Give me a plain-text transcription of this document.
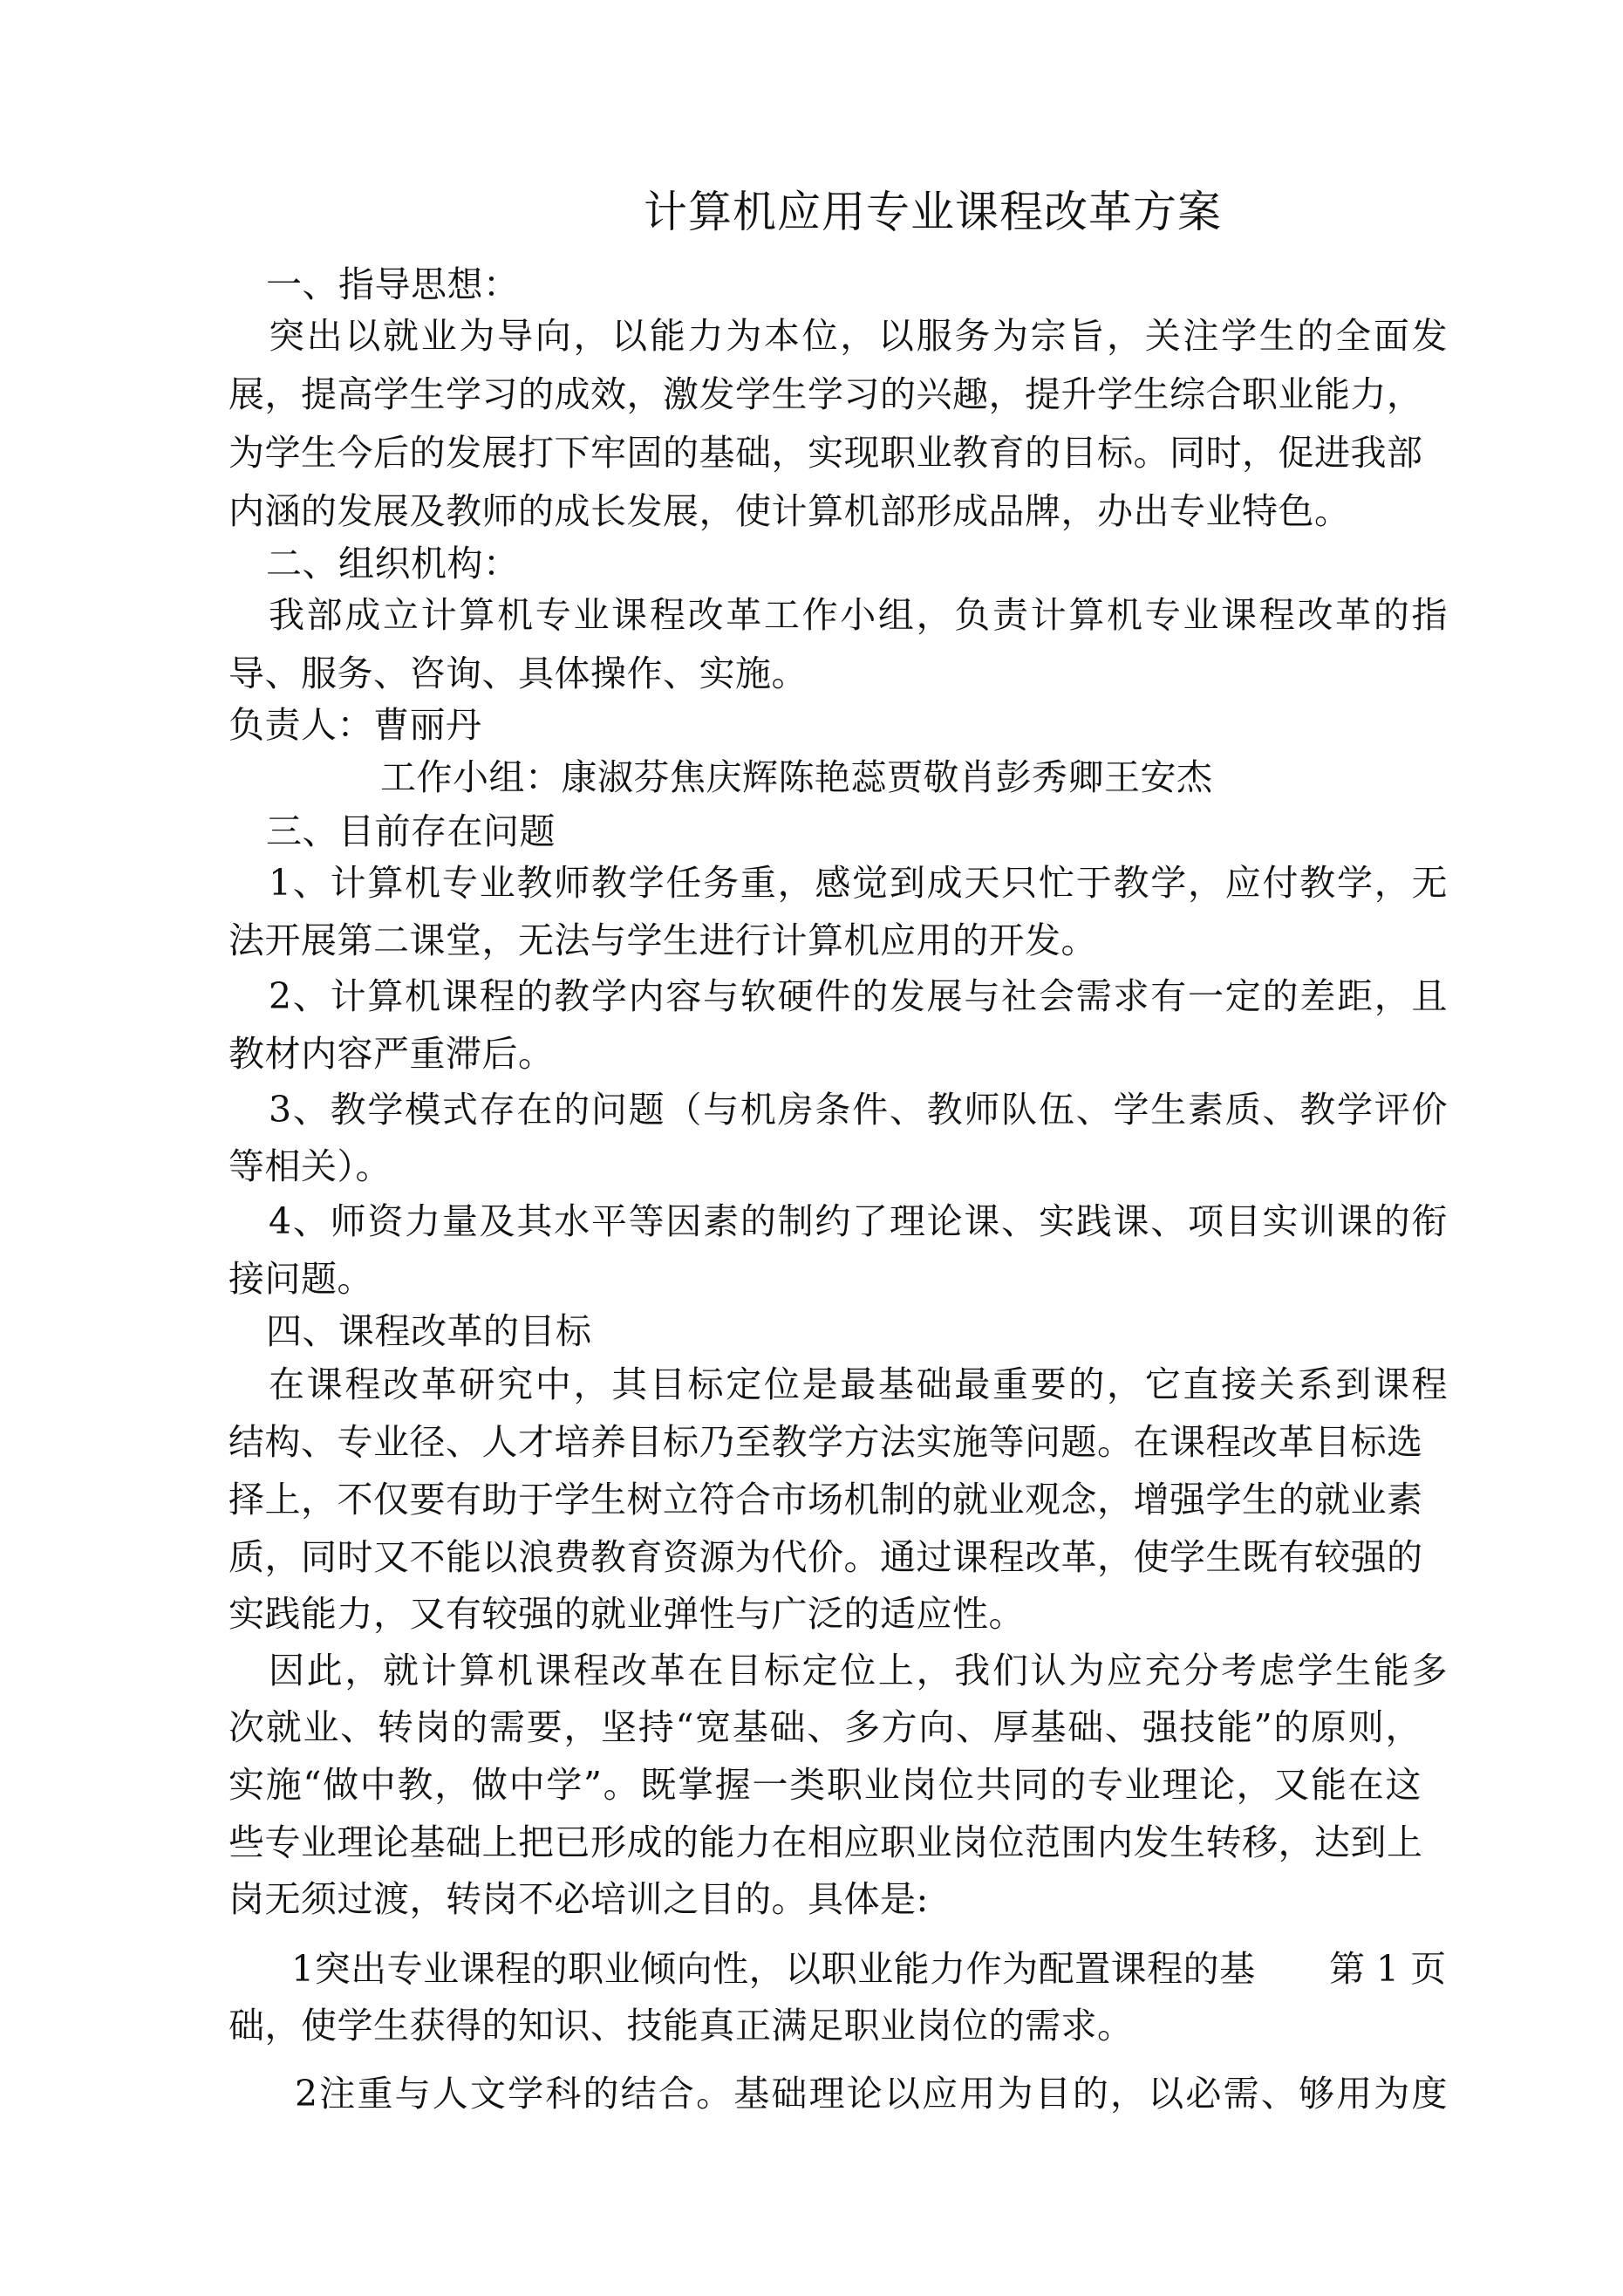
计算机应用专业课程改革方案
一、指导思想：
突出以就业为导向，以能力为本位，以服务为宗旨，关注学生的全面发
展，提高学生学习的成效，激发学生学习的兴趣，提升学生综合职业能力，
为学生今后的发展打下牢固的基础，实现职业教育的目标。同时，促进我部
内涵的发展及教师的成长发展，使计算机部形成品牌，办出专业特色。
二、组织机构：
我部成立计算机专业课程改革工作小组，负责计算机专业课程改革的指
导、服务、咨询、具体操作、实施。
负责人：曹丽丹
工作小组：康淑芬焦庆辉陈艳蕊贾敬肖彭秀卿王安杰
三、目前存在问题
1、计算机专业教师教学任务重，感觉到成天只忙于教学，应付教学，无
法开展第二课堂，无法与学生进行计算机应用的开发。
2、计算机课程的教学内容与软硬件的发展与社会需求有一定的差距，且
教材内容严重滞后。
3、教学模式存在的问题（与机房条件、教师队伍、学生素质、教学评价
等相关）。
4、师资力量及其水平等因素的制约了理论课、实践课、项目实训课的衔
接问题。
四、课程改革的目标
在课程改革研究中，其目标定位是最基础最重要的，它直接关系到课程
结构、专业径、人才培养目标乃至教学方法实施等问题。在课程改革目标选
择上，不仅要有助于学生树立符合市场机制的就业观念，增强学生的就业素
质，同时又不能以浪费教育资源为代价。通过课程改革，使学生既有较强的
实践能力，又有较强的就业弹性与广泛的适应性。
因此，就计算机课程改革在目标定位上，我们认为应充分考虑学生能多
次就业、转岗的需要，坚持“宽基础、多方向、厚基础、强技能”的原则，
实施“做中教，做中学”。既掌握一类职业岗位共同的专业理论，又能在这
些专业理论基础上把已形成的能力在相应职业岗位范围内发生转移，达到上
岗无须过渡，转岗不必培训之目的。具体是:
1突出专业课程的职业倾向性，以职业能力作为配置课程的基 第 1 页
础，使学生获得的知识、技能真正满足职业岗位的需求。
2注重与人文学科的结合。基础理论以应用为目的，以必需、够用为度
